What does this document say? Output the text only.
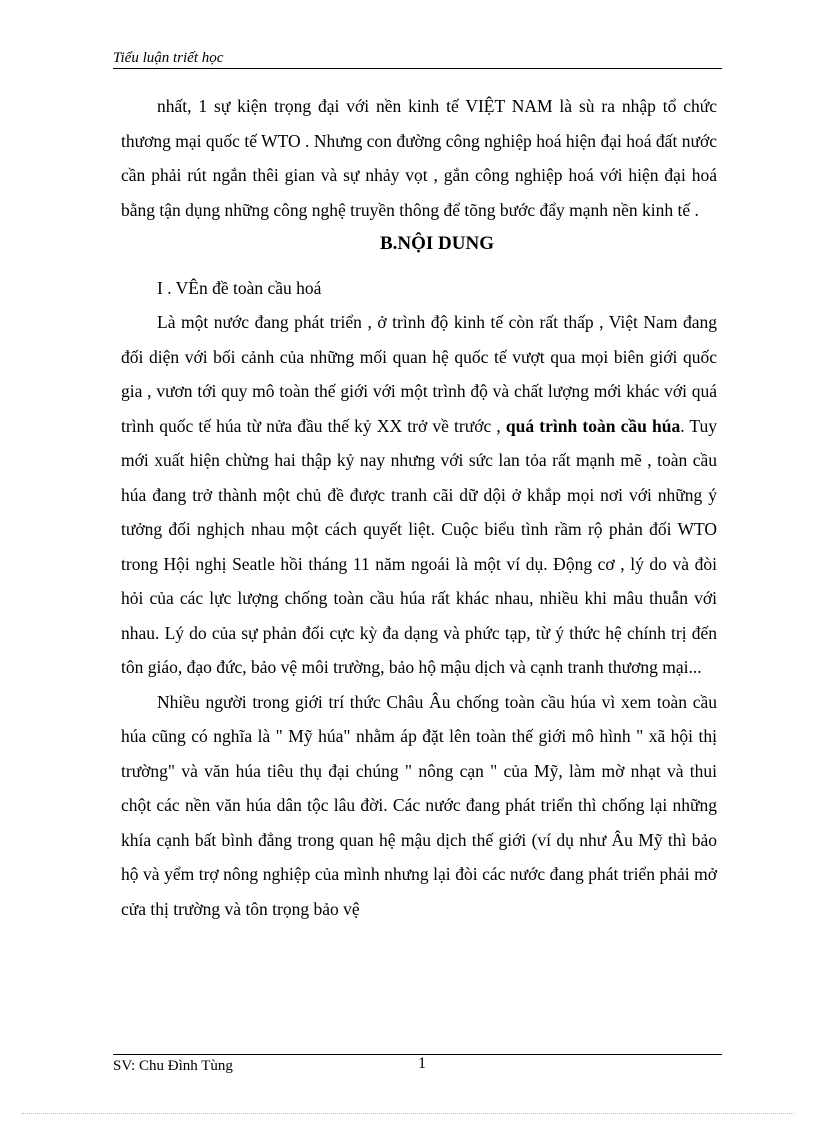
Tiểu luận triết học

nhất, 1 sự kiện trọng đại với nền kinh tế VIỆT NAM là sù ra nhập tổ chức thương mại quốc tế WTO . Nhưng con đường công nghiệp hoá hiện đại hoá đất nước cần phải rút ngắn thêi gian và sự nhảy vọt , gắn công nghiệp hoá với hiện đại hoá bằng tận dụng những công nghệ truyền thông để tõng bước đẩy mạnh nền kinh tế .

B.NỘI DUNG

I . VÊn đề toàn cầu hoá

Là một nước đang phát triển , ở trình độ kinh tế còn rất thấp , Việt Nam đang đối diện với bối cảnh của những mối quan hệ quốc tế vượt qua mọi biên giới quốc gia , vươn tới quy mô toàn thế giới với một trình độ và chất lượng mới khác với quá trình quốc tế húa từ nửa đầu thế kỷ XX trở về trước , quá trình toàn cầu húa. Tuy mới xuất hiện chừng hai thập kỷ nay nhưng với sức lan tỏa rất mạnh mẽ , toàn cầu húa đang trở thành một chủ đề được tranh cãi dữ dội ở khắp mọi nơi với những ý tưởng đối nghịch nhau một cách quyết liệt. Cuộc biểu tình rầm rộ phản đối WTO trong Hội nghị Seatle hồi tháng 11 năm ngoái là một ví dụ. Động cơ , lý do và đòi hỏi của các lực lượng chống toàn cầu húa rất khác nhau, nhiều khi mâu thuẫn với nhau. Lý do của sự phản đối cực kỳ đa dạng và phức tạp, từ ý thức hệ chính trị đến tôn giáo, đạo đức, bảo vệ môi trường, bảo hộ mậu dịch và cạnh tranh thương mại...

Nhiều người trong giới trí thức Châu Âu chống toàn cầu húa vì xem toàn cầu húa cũng có nghĩa là " Mỹ húa" nhằm áp đặt lên toàn thế giới mô hình " xã hội thị trường" và văn húa tiêu thụ đại chúng " nông cạn " của Mỹ, làm mờ nhạt và thui chột các nền văn húa dân tộc lâu đời. Các nước đang phát triển thì chống lại những khía cạnh bất bình đẳng trong quan hệ mậu dịch thế giới (ví dụ như Âu Mỹ thì bảo hộ và yểm trợ nông nghiệp của mình nhưng lại đòi các nước đang phát triển phải mở cửa thị trường và tôn trọng bảo vệ

SV: Chu Đình Tùng	1
